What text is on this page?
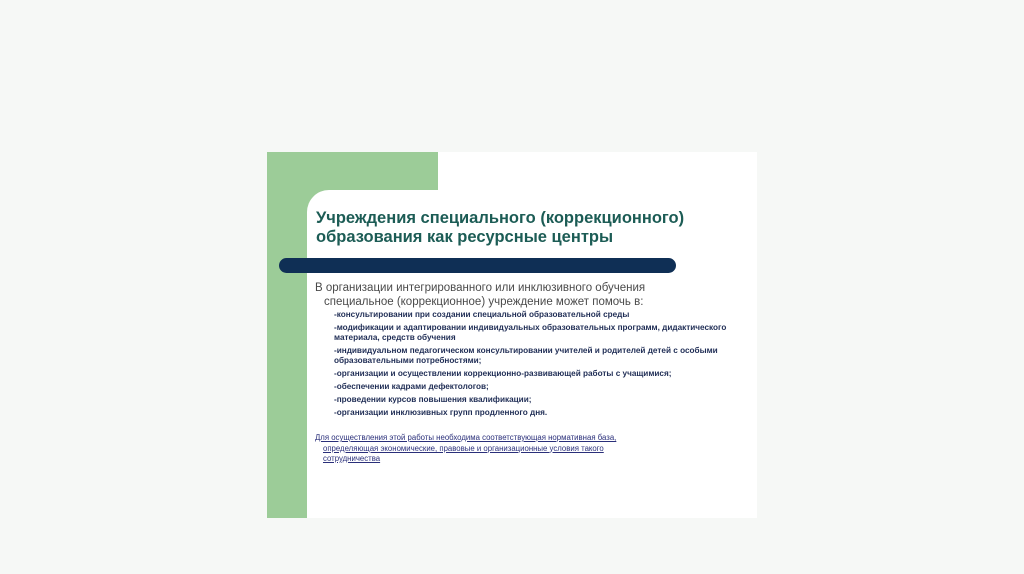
Учреждения специального (коррекционного)
образования как ресурсные центры
В организации интегрированного или инклюзивного обучения
специальное (коррекционное) учреждение может помочь в:
-консультировании при создании специальной образовательной среды
-модификации и адаптировании индивидуальных образовательных программ, дидактического материала, средств обучения
-индивидуальном педагогическом консультировании учителей и родителей детей с особыми образовательными потребностями;
-организации и осуществлении коррекционно-развивающей работы с учащимися;
-обеспечении кадрами дефектологов;
-проведении курсов повышения квалификации;
-организации инклюзивных групп продленного дня.
Для осуществления этой работы необходима соответствующая нормативная база,

определяющая экономические, правовые и организационные условия такого
сотрудничества
